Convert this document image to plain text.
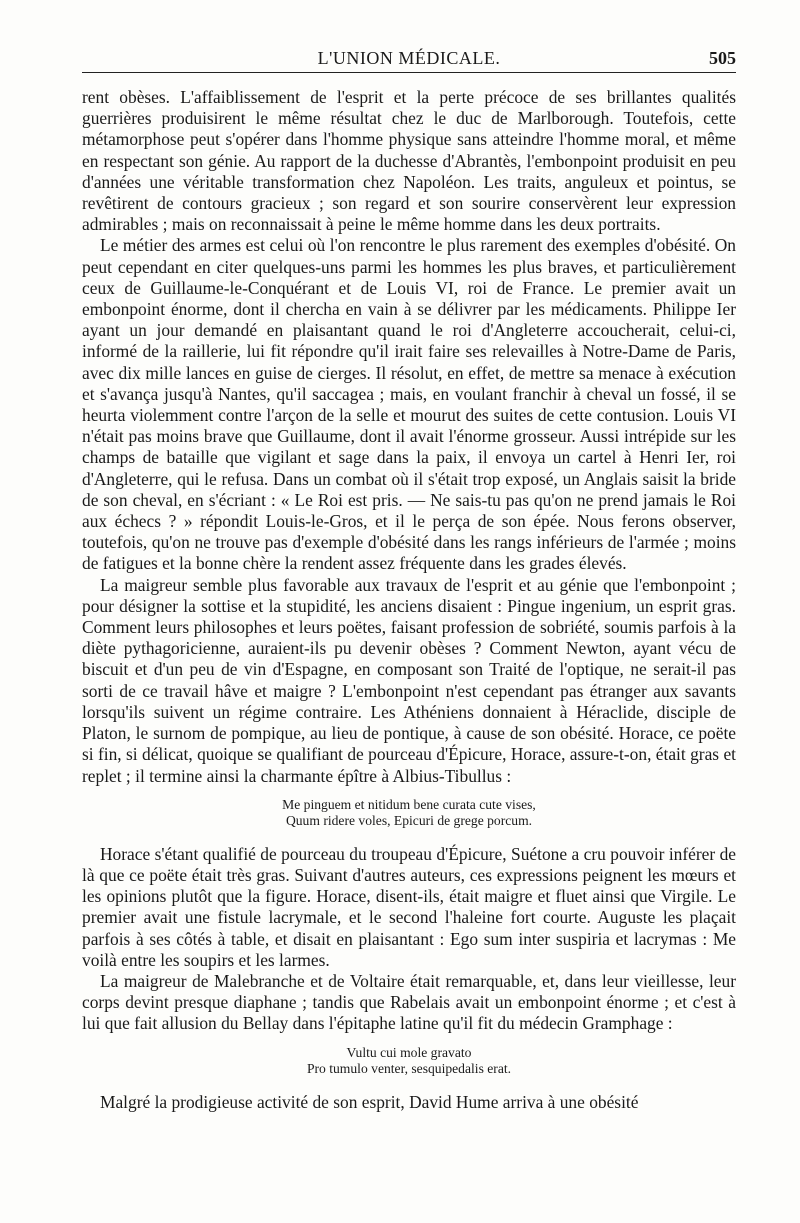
L'UNION MÉDICALE.	505

rent obèses. L'affaiblissement de l'esprit et la perte précoce de ses brillantes qualités guerrières produisirent le même résultat chez le duc de Marlborough. Toutefois, cette métamorphose peut s'opérer dans l'homme physique sans atteindre l'homme moral, et même en respectant son génie. Au rapport de la duchesse d'Abrantès, l'embonpoint produisit en peu d'années une véritable transformation chez Napoléon. Les traits, anguleux et pointus, se revêtirent de contours gracieux ; son regard et son sourire conservèrent leur expression admirables ; mais on reconnaissait à peine le même homme dans les deux portraits.

Le métier des armes est celui où l'on rencontre le plus rarement des exemples d'obésité. On peut cependant en citer quelques-uns parmi les hommes les plus braves, et particulièrement ceux de Guillaume-le-Conquérant et de Louis VI, roi de France. Le premier avait un embonpoint énorme, dont il chercha en vain à se délivrer par les médicaments. Philippe Ier ayant un jour demandé en plaisantant quand le roi d'Angleterre accoucherait, celui-ci, informé de la raillerie, lui fit répondre qu'il irait faire ses relevailles à Notre-Dame de Paris, avec dix mille lances en guise de cierges. Il résolut, en effet, de mettre sa menace à exécution et s'avança jusqu'à Nantes, qu'il saccagea ; mais, en voulant franchir à cheval un fossé, il se heurta violemment contre l'arçon de la selle et mourut des suites de cette contusion. Louis VI n'était pas moins brave que Guillaume, dont il avait l'énorme grosseur. Aussi intrépide sur les champs de bataille que vigilant et sage dans la paix, il envoya un cartel à Henri Ier, roi d'Angleterre, qui le refusa. Dans un combat où il s'était trop exposé, un Anglais saisit la bride de son cheval, en s'écriant : « Le Roi est pris. — Ne sais-tu pas qu'on ne prend jamais le Roi aux échecs ? » répondit Louis-le-Gros, et il le perça de son épée. Nous ferons observer, toutefois, qu'on ne trouve pas d'exemple d'obésité dans les rangs inférieurs de l'armée ; moins de fatigues et la bonne chère la rendent assez fréquente dans les grades élevés.

La maigreur semble plus favorable aux travaux de l'esprit et au génie que l'embonpoint ; pour désigner la sottise et la stupidité, les anciens disaient : Pingue ingenium, un esprit gras. Comment leurs philosophes et leurs poëtes, faisant profession de sobriété, soumis parfois à la diète pythagoricienne, auraient-ils pu devenir obèses ? Comment Newton, ayant vécu de biscuit et d'un peu de vin d'Espagne, en composant son Traité de l'optique, ne serait-il pas sorti de ce travail hâve et maigre ? L'embonpoint n'est cependant pas étranger aux savants lorsqu'ils suivent un régime contraire. Les Athéniens donnaient à Héraclide, disciple de Platon, le surnom de pompique, au lieu de pontique, à cause de son obésité. Horace, ce poëte si fin, si délicat, quoique se qualifiant de pourceau d'Épicure, Horace, assure-t-on, était gras et replet ; il termine ainsi la charmante épître à Albius-Tibullus :

Me pinguem et nitidum bene curata cute vises,
Quum ridere voles, Epicuri de grege porcum.

Horace s'étant qualifié de pourceau du troupeau d'Épicure, Suétone a cru pouvoir inférer de là que ce poëte était très gras. Suivant d'autres auteurs, ces expressions peignent les mœurs et les opinions plutôt que la figure. Horace, disent-ils, était maigre et fluet ainsi que Virgile. Le premier avait une fistule lacrymale, et le second l'haleine fort courte. Auguste les plaçait parfois à ses côtés à table, et disait en plaisantant : Ego sum inter suspiria et lacrymas : Me voilà entre les soupirs et les larmes.

La maigreur de Malebranche et de Voltaire était remarquable, et, dans leur vieillesse, leur corps devint presque diaphane ; tandis que Rabelais avait un embonpoint énorme ; et c'est à lui que fait allusion du Bellay dans l'épitaphe latine qu'il fit du médecin Gramphage :

Vultu cui mole gravato
Pro tumulo venter, sesquipedalis erat.

Malgré la prodigieuse activité de son esprit, David Hume arriva à une obésité
